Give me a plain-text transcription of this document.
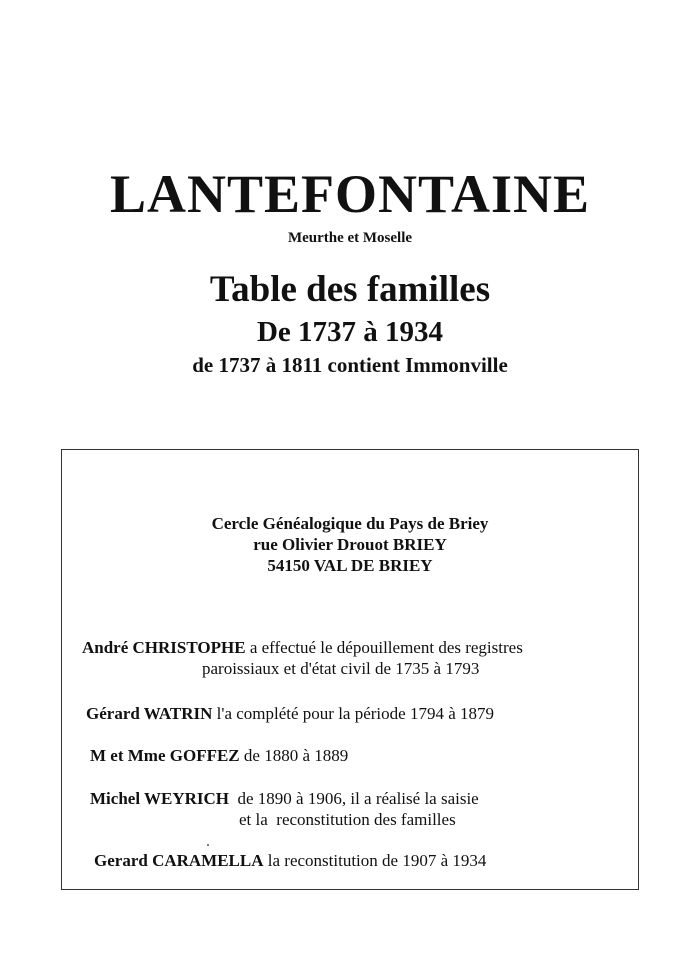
LANTEFONTAINE
Meurthe et Moselle
Table des familles
De 1737 à 1934
de 1737 à 1811 contient Immonville
Cercle Généalogique du Pays de Briey
rue Olivier Drouot BRIEY
54150 VAL DE BRIEY
André CHRISTOPHE a effectué le dépouillement des registres
paroissiaux et d'état civil de 1735 à 1793
Gérard WATRIN l'a complété pour la période 1794 à 1879
M et Mme GOFFEZ de 1880 à 1889
Michel WEYRICH  de 1890 à 1906, il a réalisé la saisie
et la  reconstitution des familles
Gerard CARAMELLA la reconstitution de 1907 à 1934
